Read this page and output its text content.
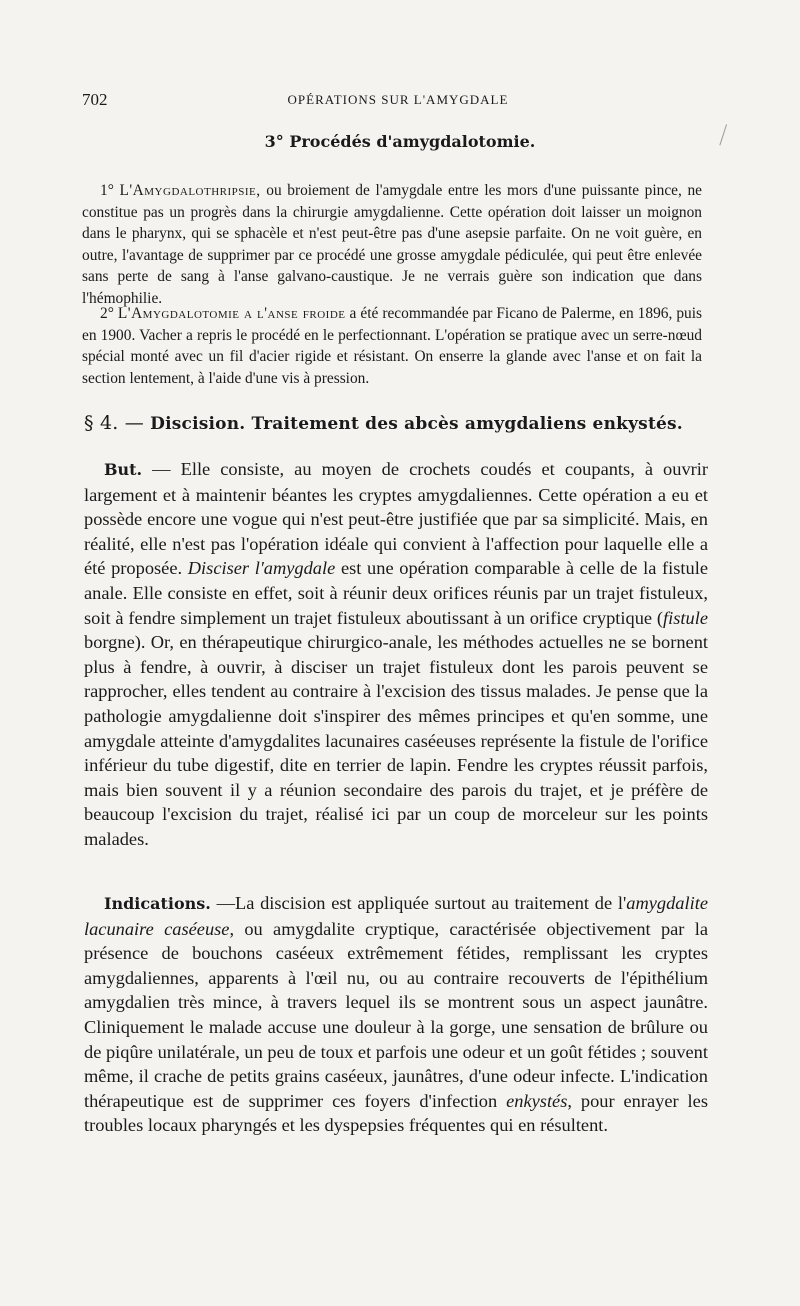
702	OPÉRATIONS SUR L'AMYGDALE
3° Procédés d'amygdalotomie.

1° L'Amygdalothripsie, ou broiement de l'amygdale entre les mors d'une puissante pince, ne constitue pas un progrès dans la chirurgie amygdalienne. Cette opération doit laisser un moignon dans le pharynx, qui se sphacèle et n'est peut-être pas d'une asepsie parfaite. On ne voit guère, en outre, l'avantage de supprimer par ce procédé une grosse amygdale pédiculée, qui peut être enlevée sans perte de sang à l'anse galvano-caustique. Je ne verrais guère son indication que dans l'hémophilie.

2° L'Amygdalotomie a l'anse froide a été recommandée par Ficano de Palerme, en 1896, puis en 1900. Vacher a repris le procédé en le perfectionnant. L'opération se pratique avec un serre-nœud spécial monté avec un fil d'acier rigide et résistant. On enserre la glande avec l'anse et on fait la section lentement, à l'aide d'une vis à pression.

§ 4. — Discision. Traitement des abcès amygdaliens enkystés.

But. — Elle consiste, au moyen de crochets coudés et coupants, à ouvrir largement et à maintenir béantes les cryptes amygdaliennes. Cette opération a eu et possède encore une vogue qui n'est peut-être justifiée que par sa simplicité. Mais, en réalité, elle n'est pas l'opération idéale qui convient à l'affection pour laquelle elle a été proposée. Disciser l'amygdale est une opération comparable à celle de la fistule anale. Elle consiste en effet, soit à réunir deux orifices réunis par un trajet fistuleux, soit à fendre simplement un trajet fistuleux aboutissant à un orifice cryptique (fistule borgne). Or, en thérapeutique chirurgico-anale, les méthodes actuelles ne se bornent plus à fendre, à ouvrir, à disciser un trajet fistuleux dont les parois peuvent se rapprocher, elles tendent au contraire à l'excision des tissus malades. Je pense que la pathologie amygdalienne doit s'inspirer des mêmes principes et qu'en somme, une amygdale atteinte d'amygdalites lacunaires caséeuses représente la fistule de l'orifice inférieur du tube digestif, dite en terrier de lapin. Fendre les cryptes réussit parfois, mais bien souvent il y a réunion secondaire des parois du trajet, et je préfère de beaucoup l'excision du trajet, réalisé ici par un coup de morceleur sur les points malades.

Indications. —La discision est appliquée surtout au traitement de l'amygdalite lacunaire caséeuse, ou amygdalite cryptique, caractérisée objectivement par la présence de bouchons caséeux extrêmement fétides, remplissant les cryptes amygdaliennes, apparents à l'œil nu, ou au contraire recouverts de l'épithélium amygdalien très mince, à travers lequel ils se montrent sous un aspect jaunâtre. Cliniquement le malade accuse une douleur à la gorge, une sensation de brûlure ou de piqûre unilatérale, un peu de toux et parfois une odeur et un goût fétides ; souvent même, il crache de petits grains caséeux, jaunâtres, d'une odeur infecte. L'indication thérapeutique est de supprimer ces foyers d'infection enkystés, pour enrayer les troubles locaux pharyngés et les dyspepsies fréquentes qui en résultent.
